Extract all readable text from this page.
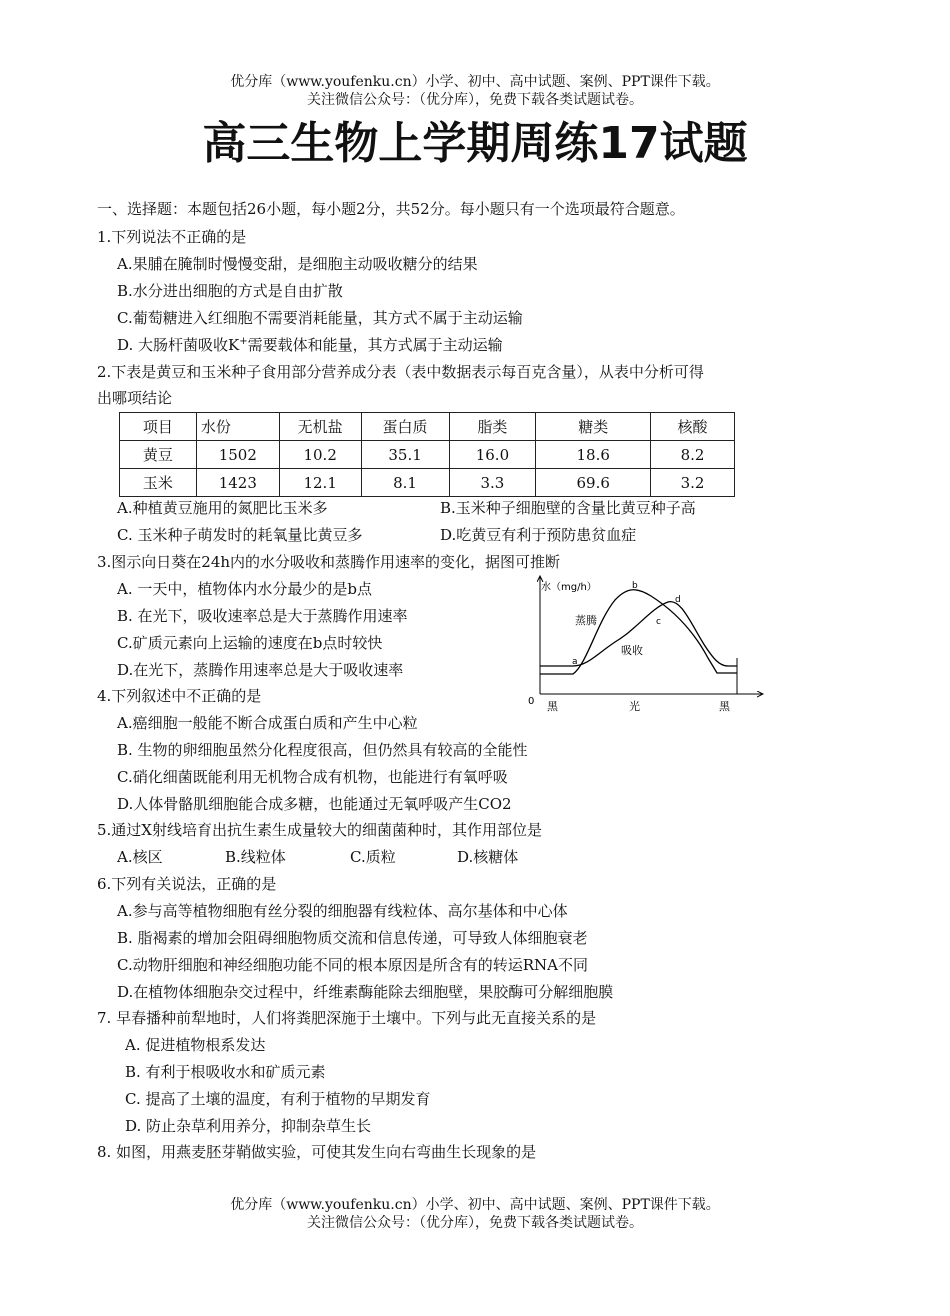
优分库（www.youfenku.cn）小学、初中、高中试题、案例、PPT课件下载。
关注微信公众号：（优分库），免费下载各类试题试卷。
高三生物上学期周练17试题
一、选择题：本题包括26小题，每小题2分，共52分。每小题只有一个选项最符合题意。
1.下列说法不正确的是
A.果脯在腌制时慢慢变甜，是细胞主动吸收糖分的结果
B.水分进出细胞的方式是自由扩散
C.葡萄糖进入红细胞不需要消耗能量，其方式不属于主动运输
D. 大肠杆菌吸收K+需要载体和能量，其方式属于主动运输
2.下表是黄豆和玉米种子食用部分营养成分表（表中数据表示每百克含量），从表中分析可得
出哪项结论
项目	水份	无机盐	蛋白质	脂类	糖类	核酸
黄豆	1502	10.2	35.1	16.0	18.6	8.2
玉米	1423	12.1	8.1	3.3	69.6	3.2
A.种植黄豆施用的氮肥比玉米多	B.玉米种子细胞壁的含量比黄豆种子高
C. 玉米种子萌发时的耗氧量比黄豆多	D.吃黄豆有利于预防患贫血症
3.图示向日葵在24h内的水分吸收和蒸腾作用速率的变化，据图可推断
A. 一天中，植物体内水分最少的是b点
B. 在光下，吸收速率总是大于蒸腾作用速率
C.矿质元素向上运输的速度在b点时较快
D.在光下，蒸腾作用速率总是大于吸收速率
水（mg/h）
0 黑	光	黑
蒸腾
吸收
a
b
c
d
4.下列叙述中不正确的是
A.癌细胞一般能不断合成蛋白质和产生中心粒
B. 生物的卵细胞虽然分化程度很高，但仍然具有较高的全能性
C.硝化细菌既能利用无机物合成有机物，也能进行有氧呼吸
D.人体骨骼肌细胞能合成多糖，也能通过无氧呼吸产生CO2
5.通过X射线培育出抗生素生成量较大的细菌菌种时，其作用部位是
A.核区	B.线粒体	C.质粒	D.核糖体
6.下列有关说法，正确的是
A.参与高等植物细胞有丝分裂的细胞器有线粒体、高尔基体和中心体
B. 脂褐素的增加会阻碍细胞物质交流和信息传递，可导致人体细胞衰老
C.动物肝细胞和神经细胞功能不同的根本原因是所含有的转运RNA不同
D.在植物体细胞杂交过程中，纤维素酶能除去细胞壁，果胶酶可分解细胞膜
7. 早春播种前犁地时，人们将粪肥深施于土壤中。下列与此无直接关系的是
A. 促进植物根系发达
B. 有利于根吸收水和矿质元素
C. 提高了土壤的温度，有利于植物的早期发育
D. 防止杂草利用养分，抑制杂草生长
8. 如图，用燕麦胚芽鞘做实验，可使其发生向右弯曲生长现象的是
优分库（www.youfenku.cn）小学、初中、高中试题、案例、PPT课件下载。
关注微信公众号：（优分库），免费下载各类试题试卷。
